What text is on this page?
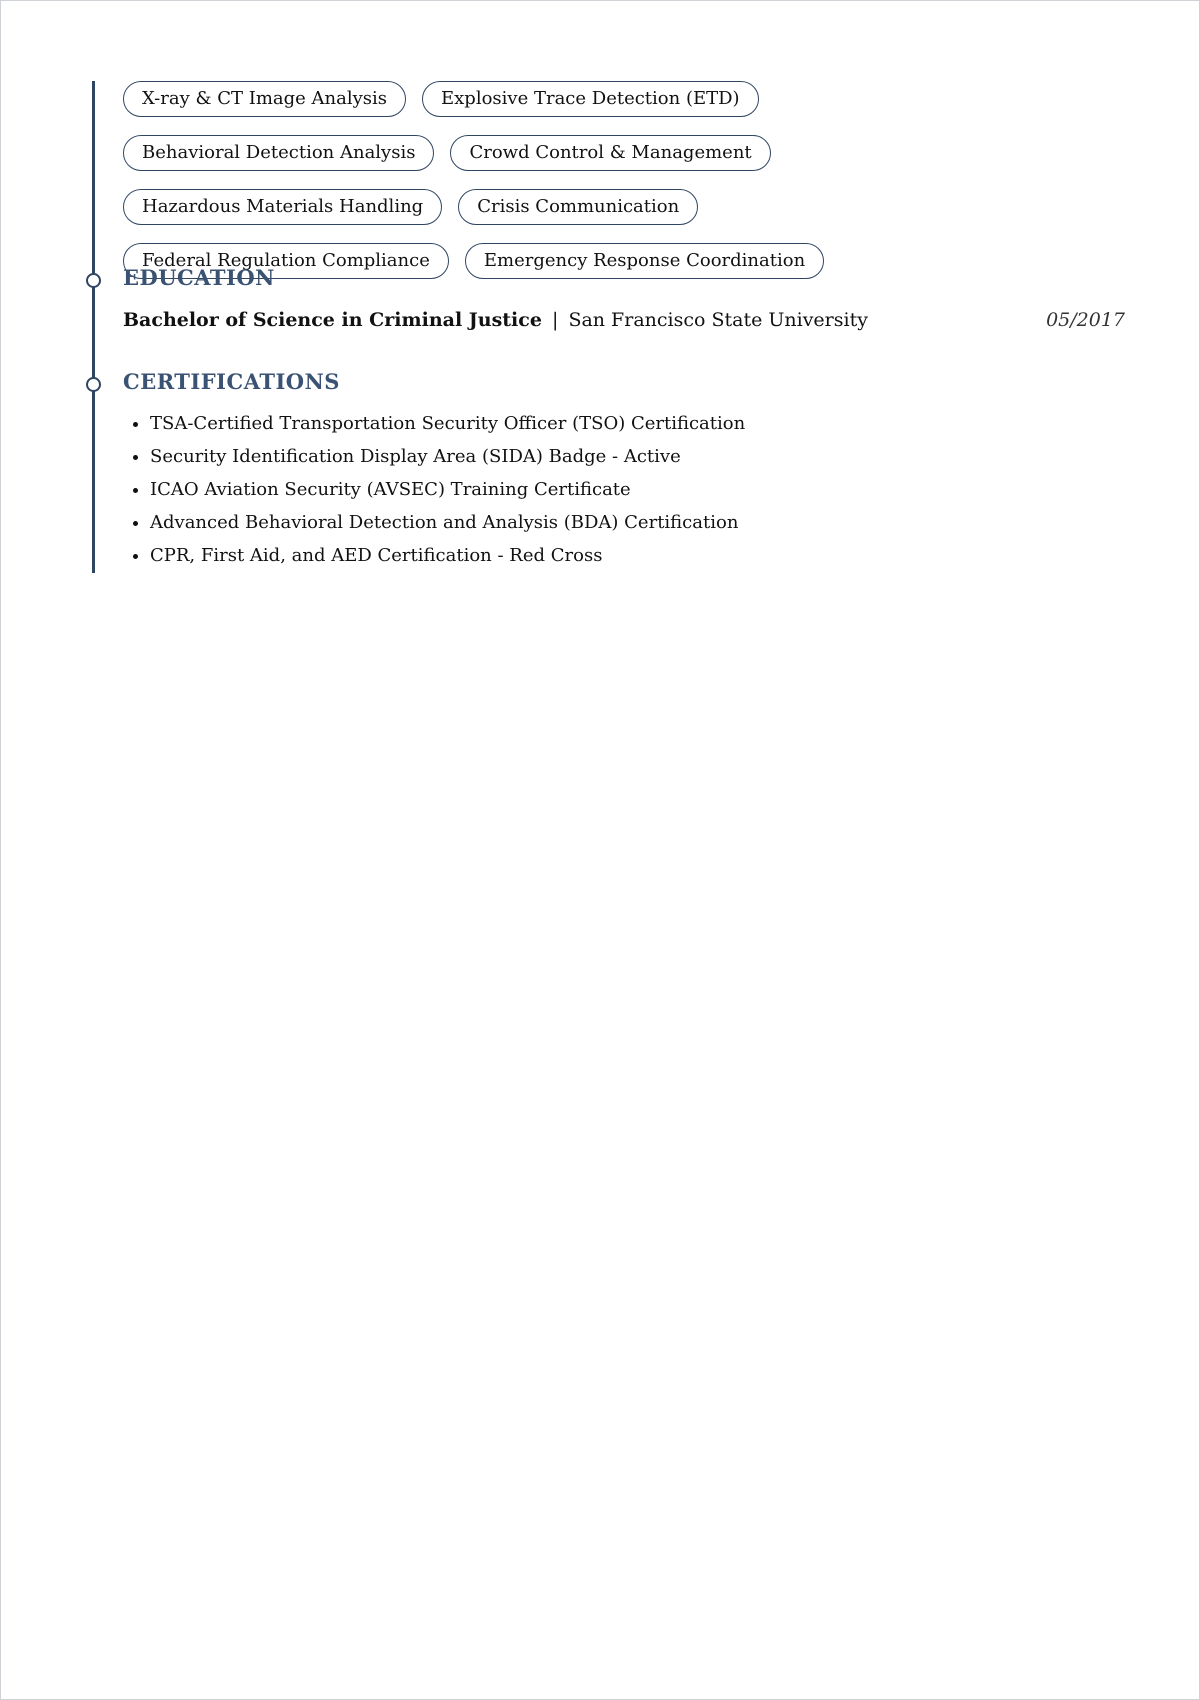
X-ray & CT Image Analysis	Explosive Trace Detection (ETD)
Behavioral Detection Analysis	Crowd Control & Management
Hazardous Materials Handling	Crisis Communication
Federal Regulation Compliance	Emergency Response Coordination
EDUCATION
Bachelor of Science in Criminal Justice | San Francisco State University	05/2017
CERTIFICATIONS
• TSA-Certified Transportation Security Officer (TSO) Certification
• Security Identification Display Area (SIDA) Badge - Active
• ICAO Aviation Security (AVSEC) Training Certificate
• Advanced Behavioral Detection and Analysis (BDA) Certification
• CPR, First Aid, and AED Certification - Red Cross
